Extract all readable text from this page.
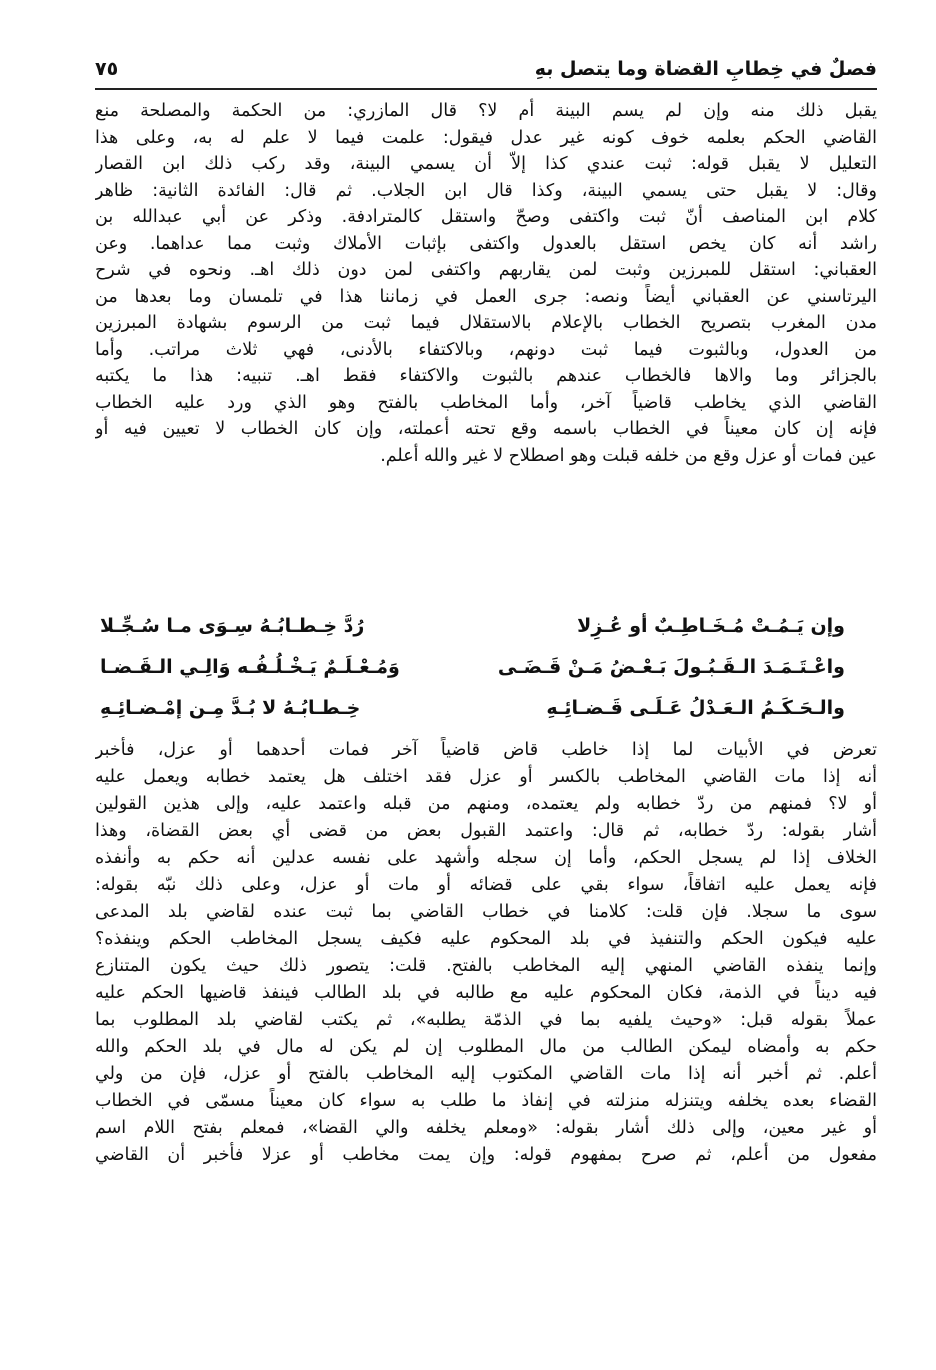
فصلٌ في خِطابِ القضاة وما يتصل بهِ
٧٥
يقبل ذلك منه وإن لم يسم البينة أم لا؟ قال المازري: من الحكمة والمصلحة منع
القاضي الحكم بعلمه خوف كونه غير عدل فيقول: علمت فيما لا علم له به، وعلى هذا
التعليل لا يقبل قوله: ثبت عندي كذا إلاَّ أن يسمي البينة، وقد ركب ذلك ابن القصار
وقال: لا يقبل حتى يسمي البينة، وكذا قال ابن الجلاب. ثم قال: الفائدة الثانية: ظاهر
كلام ابن المناصف أنّ ثبت واكتفى وصحّ واستقل كالمترادفة. وذكر عن أبي عبدالله بن
راشد أنه كان يخص استقل بالعدول واكتفى بإثبات الأملاك وثبت مما عداهما. وعن
العقباني: استقل للمبرزين وثبت لمن يقاربهم واكتفى لمن دون ذلك اهـ. ونحوه في شرح
اليرتاسني عن العقباني أيضاً ونصه: جرى العمل في زماننا هذا في تلمسان وما بعدها من
مدن المغرب بتصريح الخطاب بالإعلام بالاستقلال فيما ثبت من الرسوم بشهادة المبرزين
من العدول، وبالثبوت فيما ثبت دونهم، وبالاكتفاء بالأدنى، فهي ثلاث مراتب. وأما
بالجزائر وما والاها فالخطاب عندهم بالثبوت والاكتفاء فقط اهـ. تنبيه: هذا ما يكتبه
القاضي الذي يخاطب قاضياً آخر، وأما المخاطب بالفتح وهو الذي ورد عليه الخطاب
فإنه إن كان معيناً في الخطاب باسمه وقع تحته أعملته، وإن كان الخطاب لا تعيين فيه أو
عين فمات أو عزل وقع من خلفه قبلت وهو اصطلاح لا غير والله أعلم.
وإن يَـمُـتْ مُـخَـاطِـبٌ أو عُـزِلا
رُدَّ خِـطـابُـهُ سِـوَى مـا سُـجِّـلا
واعْـتَـمَـدَ الـقَـبُـولَ بَـعْـضُ مَـنْ قَـضَـى
وَمُـعْـلَـمٌ يَـخْـلُـفُـه وَالِـي الـقَـضـا
والـحَـكَـمُ الـعَـدْلُ عَـلَـى قَـضـائِـهِ
خِـطـابُـهُ لا بُـدَّ مِـن إمْـضـائِـهِ
تعرض في الأبيات لما إذا خاطب قاض قاضياً آخر فمات أحدهما أو عزل، فأخبر
أنه إذا مات القاضي المخاطب بالكسر أو عزل فقد اختلف هل يعتمد خطابه ويعمل عليه
أو لا؟ فمنهم من ردّ خطابه ولم يعتمده، ومنهم من قبله واعتمد عليه، وإلى هذين القولين
أشار بقوله: ردّ خطابه، ثم قال: واعتمد القبول بعض من قضى أي بعض القضاة، وهذا
الخلاف إذا لم يسجل الحكم، وأما إن سجله وأشهد على نفسه عدلين أنه حكم به وأنفذه
فإنه يعمل عليه اتفاقاً، سواء بقي على قضائه أو مات أو عزل، وعلى ذلك نبّه بقوله:
سوى ما سجلا. فإن قلت: كلامنا في خطاب القاضي بما ثبت عنده لقاضي بلد المدعى
عليه فيكون الحكم والتنفيذ في بلد المحكوم عليه فكيف يسجل المخاطب الحكم وينفذه؟
وإنما ينفذه القاضي المنهي إليه المخاطب بالفتح. قلت: يتصور ذلك حيث يكون المتنازع
فيه ديناً في الذمة، فكان المحكوم عليه مع طالبه في بلد الطالب فينفذ قاضيها الحكم عليه
عملاً بقوله قبل: «وحيث يلفيه بما في الذمّة يطلبه»، ثم يكتب لقاضي بلد المطلوب بما
حكم به وأمضاه ليمكن الطالب من مال المطلوب إن لم يكن له مال في بلد الحكم والله
أعلم. ثم أخبر أنه إذا مات القاضي المكتوب إليه المخاطب بالفتح أو عزل، فإن من ولي
القضاء بعده يخلفه ويتنزله منزلته في إنفاذ ما طلب به سواء كان معيناً مسمّى في الخطاب
أو غير معين، وإلى ذلك أشار بقوله: «ومعلم يخلفه والي القضا»، فمعلم بفتح اللام اسم
مفعول من أعلم، ثم صرح بمفهوم قوله: وإن يمت مخاطب أو عزلا فأخبر أن القاضي
